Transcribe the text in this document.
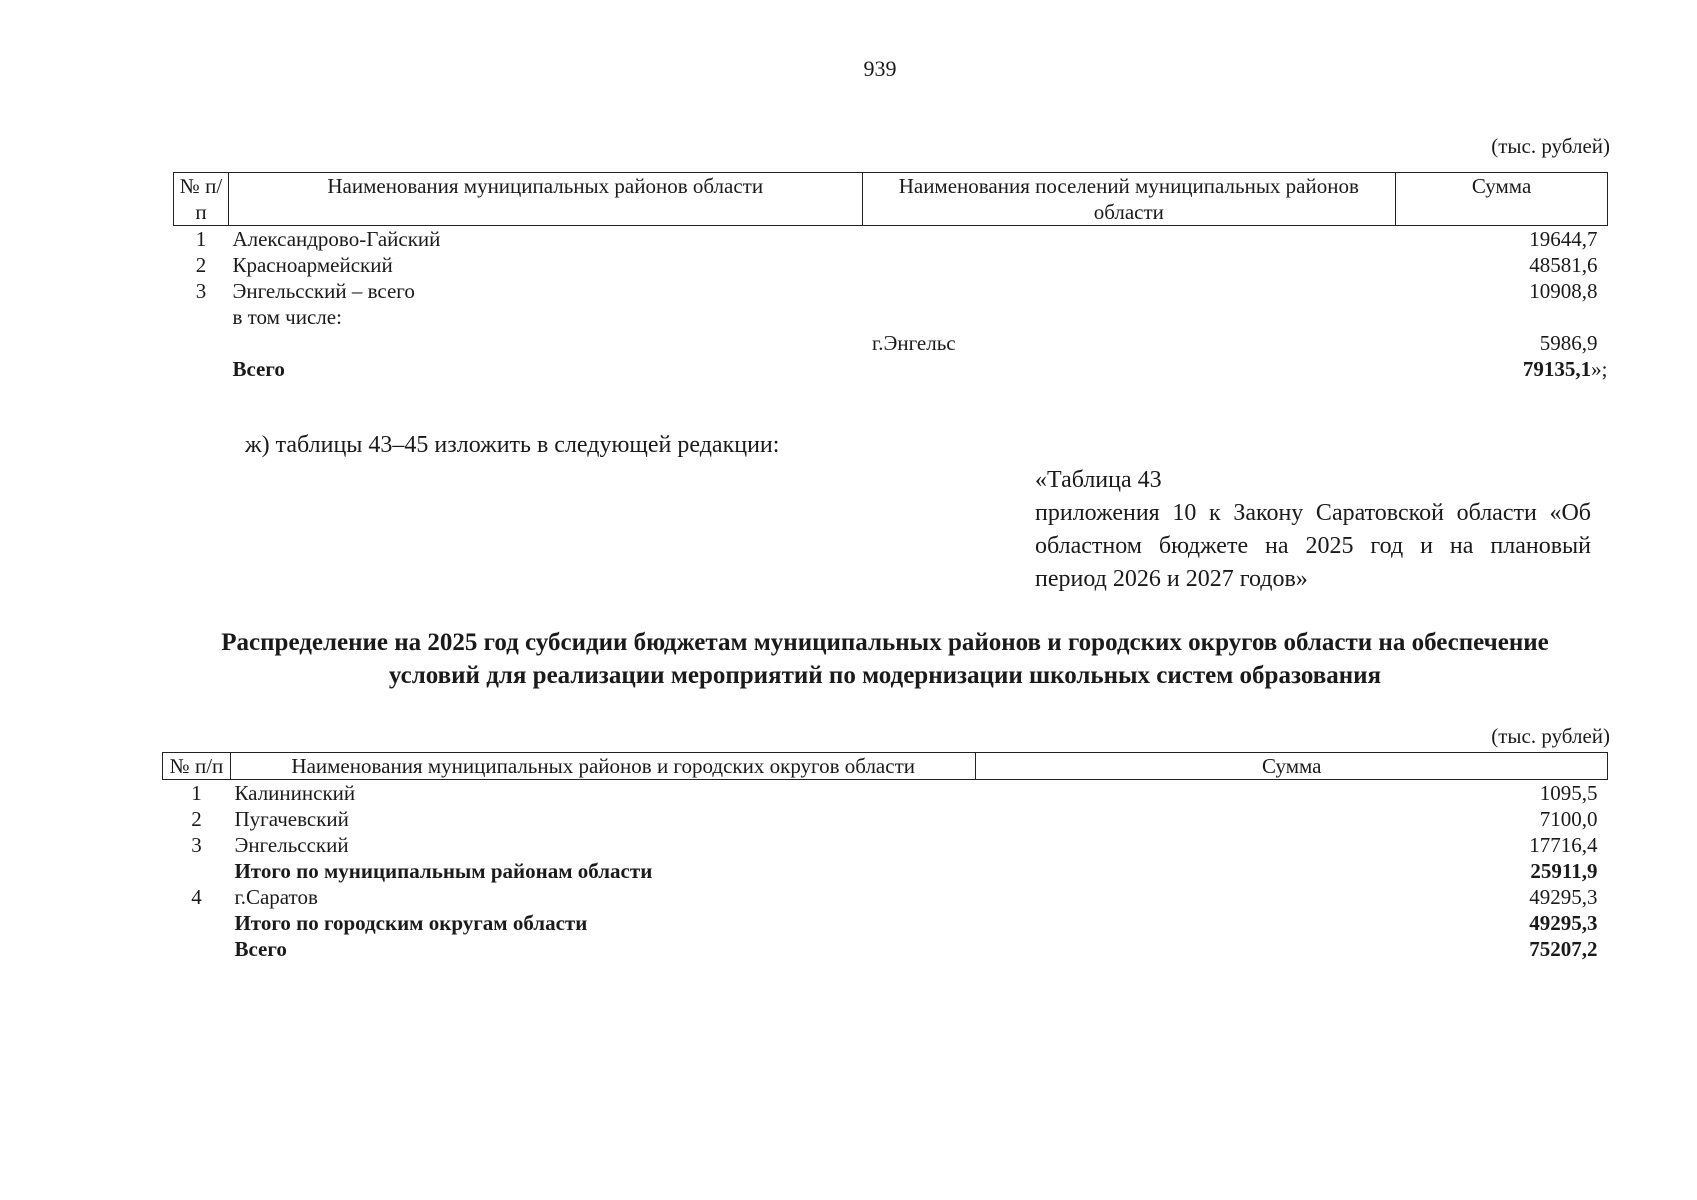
939
(тыс. рублей)
№ п/п	Наименования муниципальных районов области	Наименования поселений муниципальных районов области	Сумма
1	Александрово-Гайский		19644,7
2	Красноармейский		48581,6
3	Энгельсский – всего		10908,8
	в том числе:		
		г.Энгельс	5986,9
	Всего		79135,1»;
ж) таблицы 43–45 изложить в следующей редакции:
«Таблица 43
приложения 10 к Закону Саратовской области «Об областном бюджете на 2025 год и на плановый период 2026 и 2027 годов»
Распределение на 2025 год субсидии бюджетам муниципальных районов и городских округов области на обеспечение условий для реализации мероприятий по модернизации школьных систем образования
(тыс. рублей)
№ п/п	Наименования муниципальных районов и городских округов области	Сумма
1	Калининский	1095,5
2	Пугачевский	7100,0
3	Энгельсский	17716,4
	Итого по муниципальным районам области	25911,9
4	г.Саратов	49295,3
	Итого по городским округам области	49295,3
	Всего	75207,2
